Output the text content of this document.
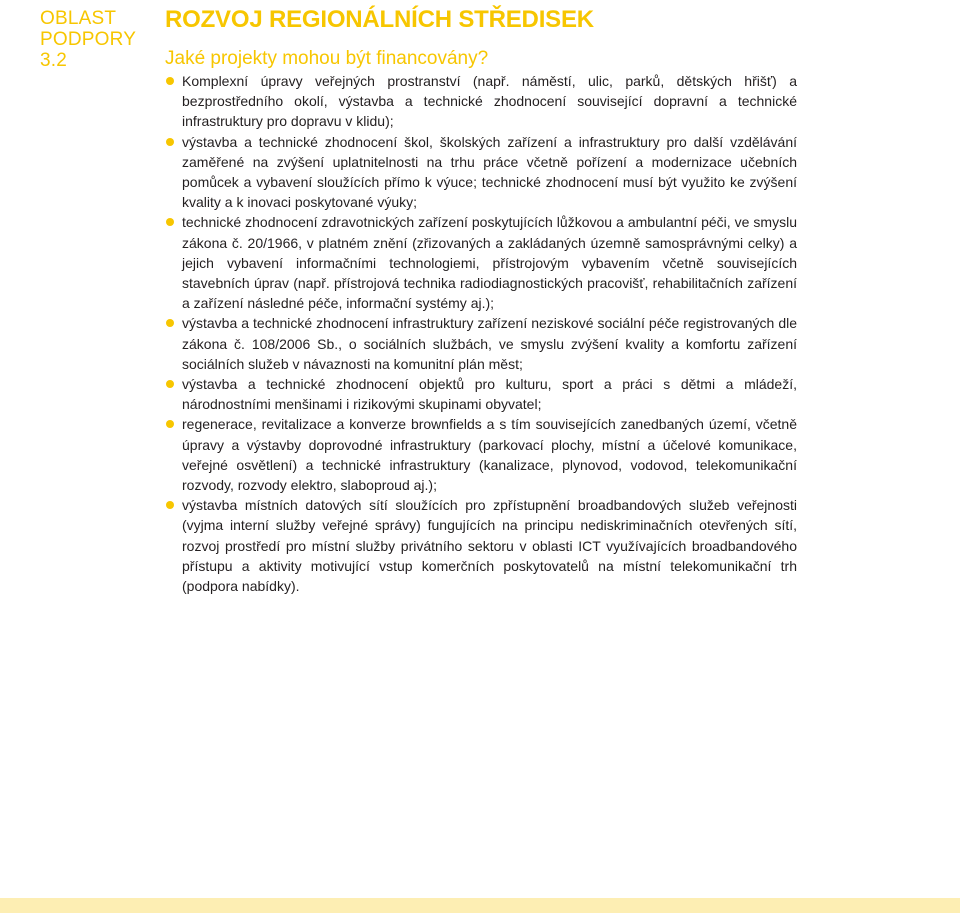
OBLAST
PODPORY
3.2
ROZVOJ REGIONÁLNÍCH STŘEDISEK
Jaké projekty mohou být financovány?
Komplexní úpravy veřejných prostranství (např. náměstí, ulic, parků, dětských hřišť) a bezprostředního okolí, výstavba a technické zhodnocení související dopravní a technické infrastruktury pro dopravu v klidu);
výstavba a technické zhodnocení škol, školských zařízení a infrastruktury pro další vzdělávání zaměřené na zvýšení uplatnitelnosti na trhu práce včetně pořízení a modernizace učebních pomůcek a vybavení sloužících přímo k výuce; technické zhodnocení musí být využito ke zvýšení kvality a k inovaci poskytované výuky;
technické zhodnocení zdravotnických zařízení poskytujících lůžkovou a ambulantní péči, ve smyslu zákona č. 20/1966, v platném znění (zřizovaných a zakládaných územně samosprávnými celky) a jejich vybavení informačními technologiemi, přístrojovým vybavením včetně souvisejících stavebních úprav (např. přístrojová technika radiodiagnostických pracovišť, rehabilitačních zařízení a zařízení následné péče, informační systémy aj.);
výstavba a technické zhodnocení infrastruktury zařízení neziskové sociální péče registrovaných dle zákona č. 108/2006 Sb., o sociálních službách, ve smyslu zvýšení kvality a komfortu zařízení sociálních služeb v návaznosti na komunitní plán měst;
výstavba a technické zhodnocení objektů pro kulturu, sport a práci s dětmi a mládeží, národnostními menšinami i rizikovými skupinami obyvatel;
regenerace, revitalizace a konverze brownfields a s tím souvisejících zanedbaných území, včetně úpravy a výstavby doprovodné infrastruktury (parkovací plochy, místní a účelové komunikace, veřejné osvětlení) a technické infrastruktury (kanalizace, plynovod, vodovod, telekomunikační rozvody, rozvody elektro, slaboproud aj.);
výstavba místních datových sítí sloužících pro zpřístupnění broadbandových služeb veřejnosti (vyjma interní služby veřejné správy) fungujících na principu nediskriminačních otevřených sítí, rozvoj prostředí pro místní služby privátního sektoru v oblasti ICT využívajících broadbandového přístupu a aktivity motivující vstup komerčních poskytovatelů na místní telekomunikační trh (podpora nabídky).
